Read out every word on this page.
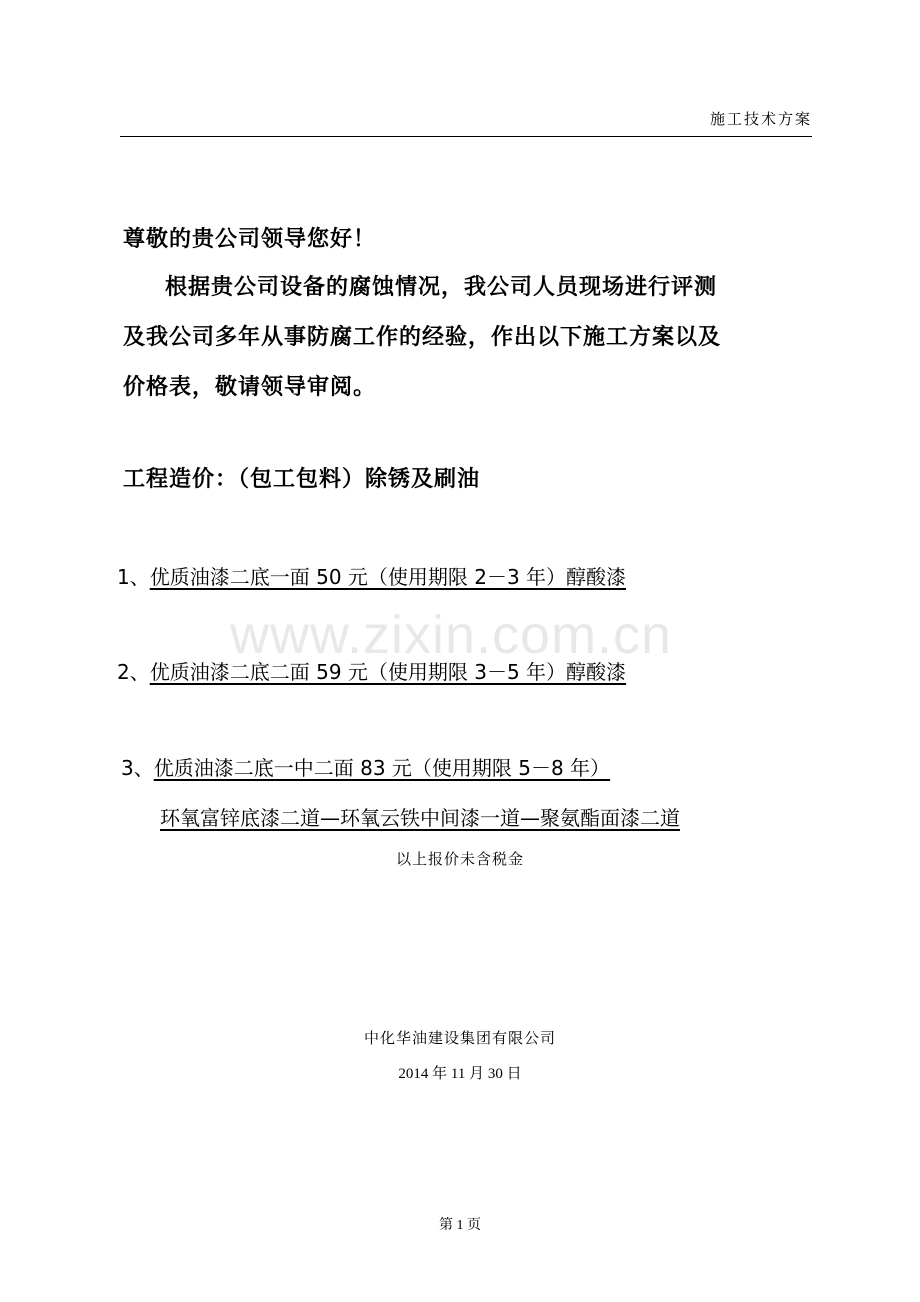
施工技术方案
尊敬的贵公司领导您好！
根据贵公司设备的腐蚀情况，我公司人员现场进行评测
及我公司多年从事防腐工作的经验，作出以下施工方案以及
价格表，敬请领导审阅。
工程造价：（包工包料）除锈及刷油
1、优质油漆二底一面 50 元（使用期限 2－3 年）醇酸漆
www.zixin.com.cn
2、优质油漆二底二面 59 元（使用期限 3－5 年）醇酸漆
3、优质油漆二底一中二面 83 元（使用期限 5－8 年）
环氧富锌底漆二道—环氧云铁中间漆一道—聚氨酯面漆二道
以上报价未含税金
中化华油建设集团有限公司
2014 年 11 月 30 日
第 1 页
